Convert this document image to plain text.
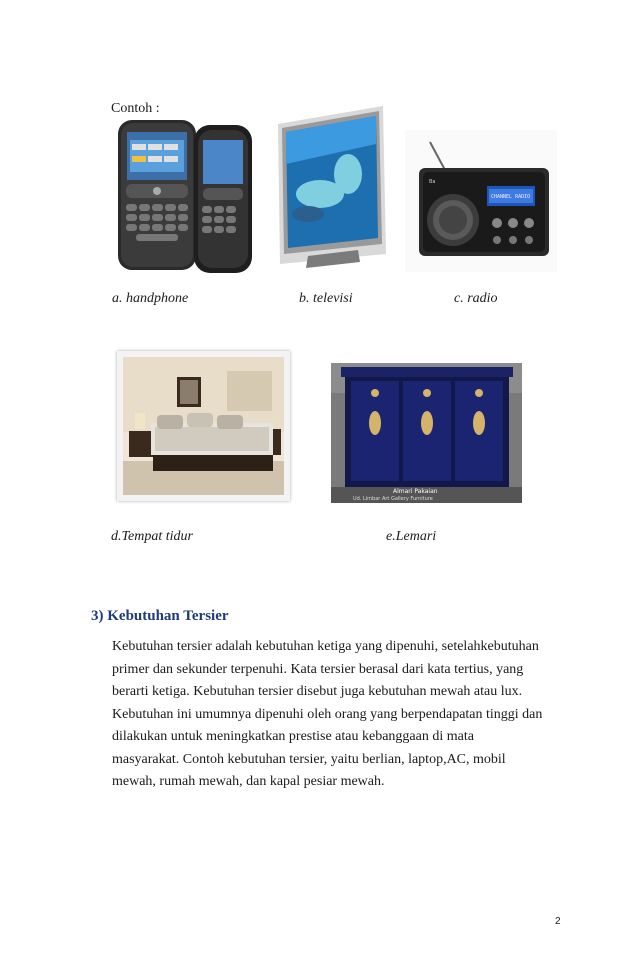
Contoh :
Ba
CHANNEL RADIO
a. handphone	b. televisi	c. radio
Almari Pakaian
Ud. Limbar Art Gallery Furniture
d.Tempat tidur	e.Lemari
3) Kebutuhan Tersier
Kebutuhan tersier adalah kebutuhan ketiga yang dipenuhi, setelahkebutuhan
primer dan sekunder terpenuhi. Kata tersier berasal dari kata tertius, yang
berarti ketiga. Kebutuhan tersier disebut juga kebutuhan mewah atau lux.
Kebutuhan ini umumnya dipenuhi oleh orang yang berpendapatan tinggi dan
dilakukan untuk meningkatkan prestise atau kebanggaan di mata
masyarakat. Contoh kebutuhan tersier, yaitu berlian, laptop,AC, mobil
mewah, rumah mewah, dan kapal pesiar mewah.
2
